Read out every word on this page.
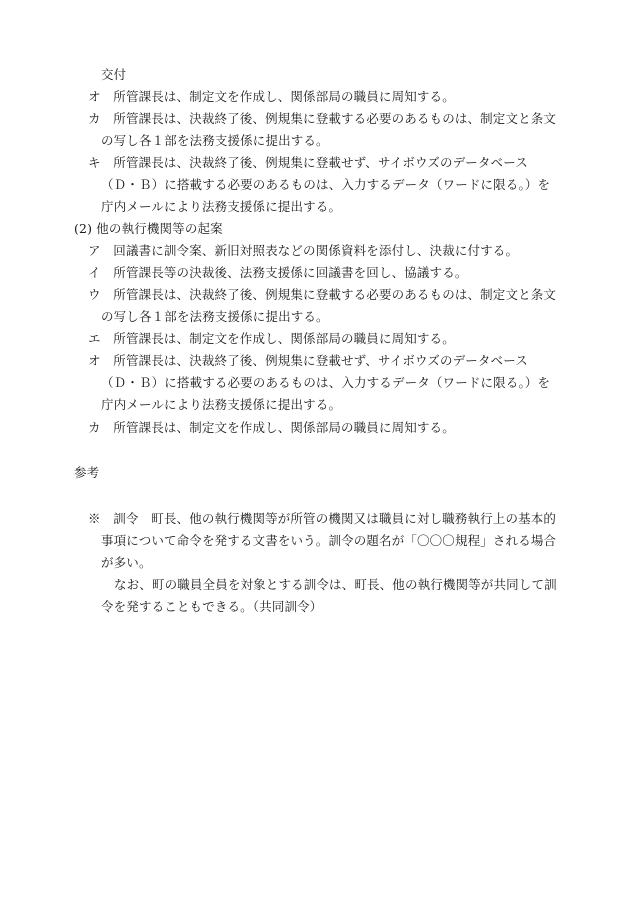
交付
オ　所管課長は、制定文を作成し、関係部局の職員に周知する。
カ　所管課長は、決裁終了後、例規集に登載する必要のあるものは、制定文と条文
の写し各１部を法務支援係に提出する。
キ　所管課長は、決裁終了後、例規集に登載せず、サイボウズのデータベース
（Ｄ・Ｂ）に搭載する必要のあるものは、入力するデータ（ワードに限る。）を
庁内メールにより法務支援係に提出する。
(2) 他の執行機関等の起案
ア　回議書に訓令案、新旧対照表などの関係資料を添付し、決裁に付する。
イ　所管課長等の決裁後、法務支援係に回議書を回し、協議する。
ウ　所管課長は、決裁終了後、例規集に登載する必要のあるものは、制定文と条文
の写し各１部を法務支援係に提出する。
エ　所管課長は、制定文を作成し、関係部局の職員に周知する。
オ　所管課長は、決裁終了後、例規集に登載せず、サイボウズのデータベース
（Ｄ・Ｂ）に搭載する必要のあるものは、入力するデータ（ワードに限る。）を
庁内メールにより法務支援係に提出する。
カ　所管課長は、制定文を作成し、関係部局の職員に周知する。
参考
※　訓令　町長、他の執行機関等が所管の機関又は職員に対し職務執行上の基本的
事項について命令を発する文書をいう。訓令の題名が「〇〇〇規程」される場合
が多い。
なお、町の職員全員を対象とする訓令は、町長、他の執行機関等が共同して訓
令を発することもできる。（共同訓令）
